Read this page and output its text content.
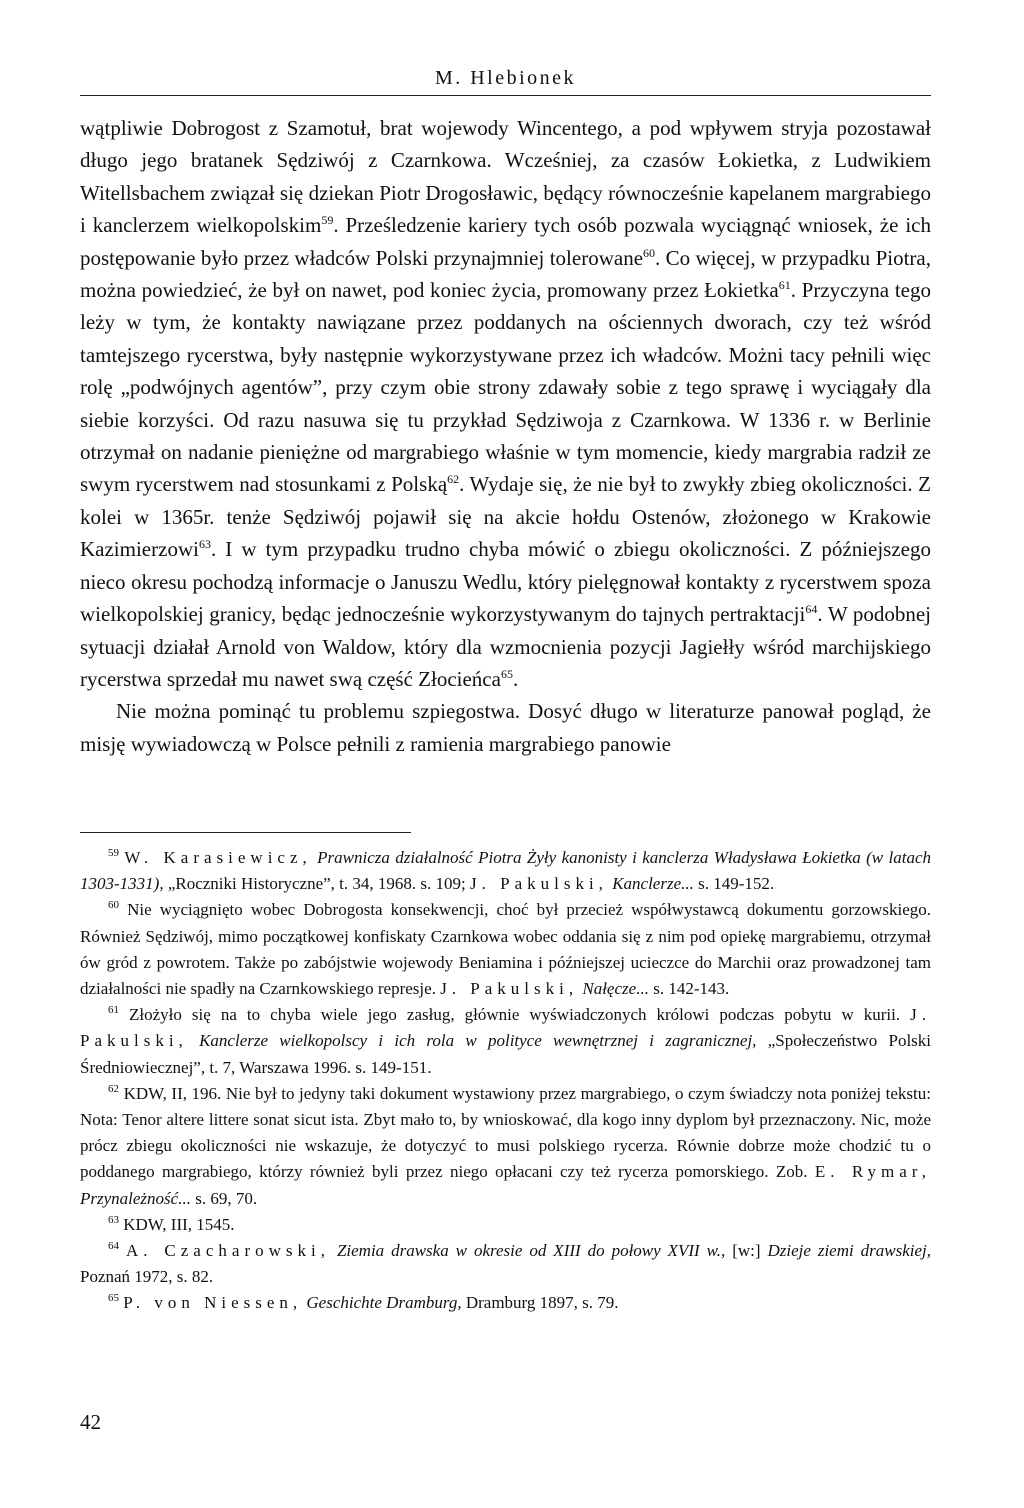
M. Hlebionek

wątpliwie Dobrogost z Szamotuł, brat wojewody Wincentego, a pod wpływem stryja pozostawał długo jego bratanek Sędziwój z Czarnkowa. Wcześniej, za czasów Łokietka, z Ludwikiem Witellsbachem związał się dziekan Piotr Drogosławic, będący równocześnie kapelanem margrabiego i kanclerzem wielkopolskim$^{59}$. Prześledzenie kariery tych osób pozwala wyciągnąć wniosek, że ich postępowanie było przez władców Polski przynajmniej tolerowane$^{60}$. Co więcej, w przypadku Piotra, można powiedzieć, że był on nawet, pod koniec życia, promowany przez Łokietka$^{61}$. Przyczyna tego leży w tym, że kontakty nawiązane przez poddanych na ościennych dworach, czy też wśród tamtejszego rycerstwa, były następnie wykorzystywane przez ich władców. Możni tacy pełnili więc rolę „podwójnych agentów”, przy czym obie strony zdawały sobie z tego sprawę i wyciągały dla siebie korzyści. Od razu nasuwa się tu przykład Sędziwoja z Czarnkowa. W 1336 r. w Berlinie otrzymał on nadanie pieniężne od margrabiego właśnie w tym momencie, kiedy margrabia radził ze swym rycerstwem nad stosunkami z Polską$^{62}$. Wydaje się, że nie był to zwykły zbieg okoliczności. Z kolei w 1365r. tenże Sędziwój pojawił się na akcie hołdu Ostenów, złożonego w Krakowie Kazimierzowi$^{63}$. I w tym przypadku trudno chyba mówić o zbiegu okoliczności. Z późniejszego nieco okresu pochodzą informacje o Januszu Wedlu, który pielęgnował kontakty z rycerstwem spoza wielkopolskiej granicy, będąc jednocześnie wykorzystywanym do tajnych pertraktacji$^{64}$. W podobnej sytuacji działał Arnold von Waldow, który dla wzmocnienia pozycji Jagiełły wśród marchijskiego rycerstwa sprzedał mu nawet swą część Złocieńca$^{65}$.

Nie można pominąć tu problemu szpiegostwa. Dosyć długo w literaturze panował pogląd, że misję wywiadowczą w Polsce pełnili z ramienia margrabiego panowie

$^{59}$ W. Karasiewicz, Prawnicza działalność Piotra Żyły kanonisty i kanclerza Władysława Łokietka (w latach 1303-1331), „Roczniki Historyczne”, t. 34, 1968. s. 109; J. Pakulski, Kanclerze... s. 149-152.

$^{60}$ Nie wyciągnięto wobec Dobrogosta konsekwencji, choć był przecież współwystawcą dokumentu gorzowskiego. Również Sędziwój, mimo początkowej konfiskaty Czarnkowa wobec oddania się z nim pod opiekę margrabiemu, otrzymał ów gród z powrotem. Także po zabójstwie wojewody Beniamina i późniejszej ucieczce do Marchii oraz prowadzonej tam działalności nie spadły na Czarnkowskiego represje. J. Pakulski, Nałęcze... s. 142-143.

$^{61}$ Złożyło się na to chyba wiele jego zasług, głównie wyświadczonych królowi podczas pobytu w kurii. J. Pakulski, Kanclerze wielkopolscy i ich rola w polityce wewnętrznej i zagranicznej, „Społeczeństwo Polski Średniowiecznej”, t. 7, Warszawa 1996. s. 149-151.

$^{62}$ KDW, II, 196. Nie był to jedyny taki dokument wystawiony przez margrabiego, o czym świadczy nota poniżej tekstu: Nota: Tenor altere littere sonat sicut ista. Zbyt mało to, by wnioskować, dla kogo inny dyplom był przeznaczony. Nic, może prócz zbiegu okoliczności nie wskazuje, że dotyczyć to musi polskiego rycerza. Równie dobrze może chodzić tu o poddanego margrabiego, którzy również byli przez niego opłacani czy też rycerza pomorskiego. Zob. E. Rymar, Przynależność... s. 69, 70.

$^{63}$ KDW, III, 1545.

$^{64}$ A. Czacharowski, Ziemia drawska w okresie od XIII do połowy XVII w., [w:] Dzieje ziemi drawskiej, Poznań 1972, s. 82.

$^{65}$ P. von Niessen, Geschichte Dramburg, Dramburg 1897, s. 79.

42
